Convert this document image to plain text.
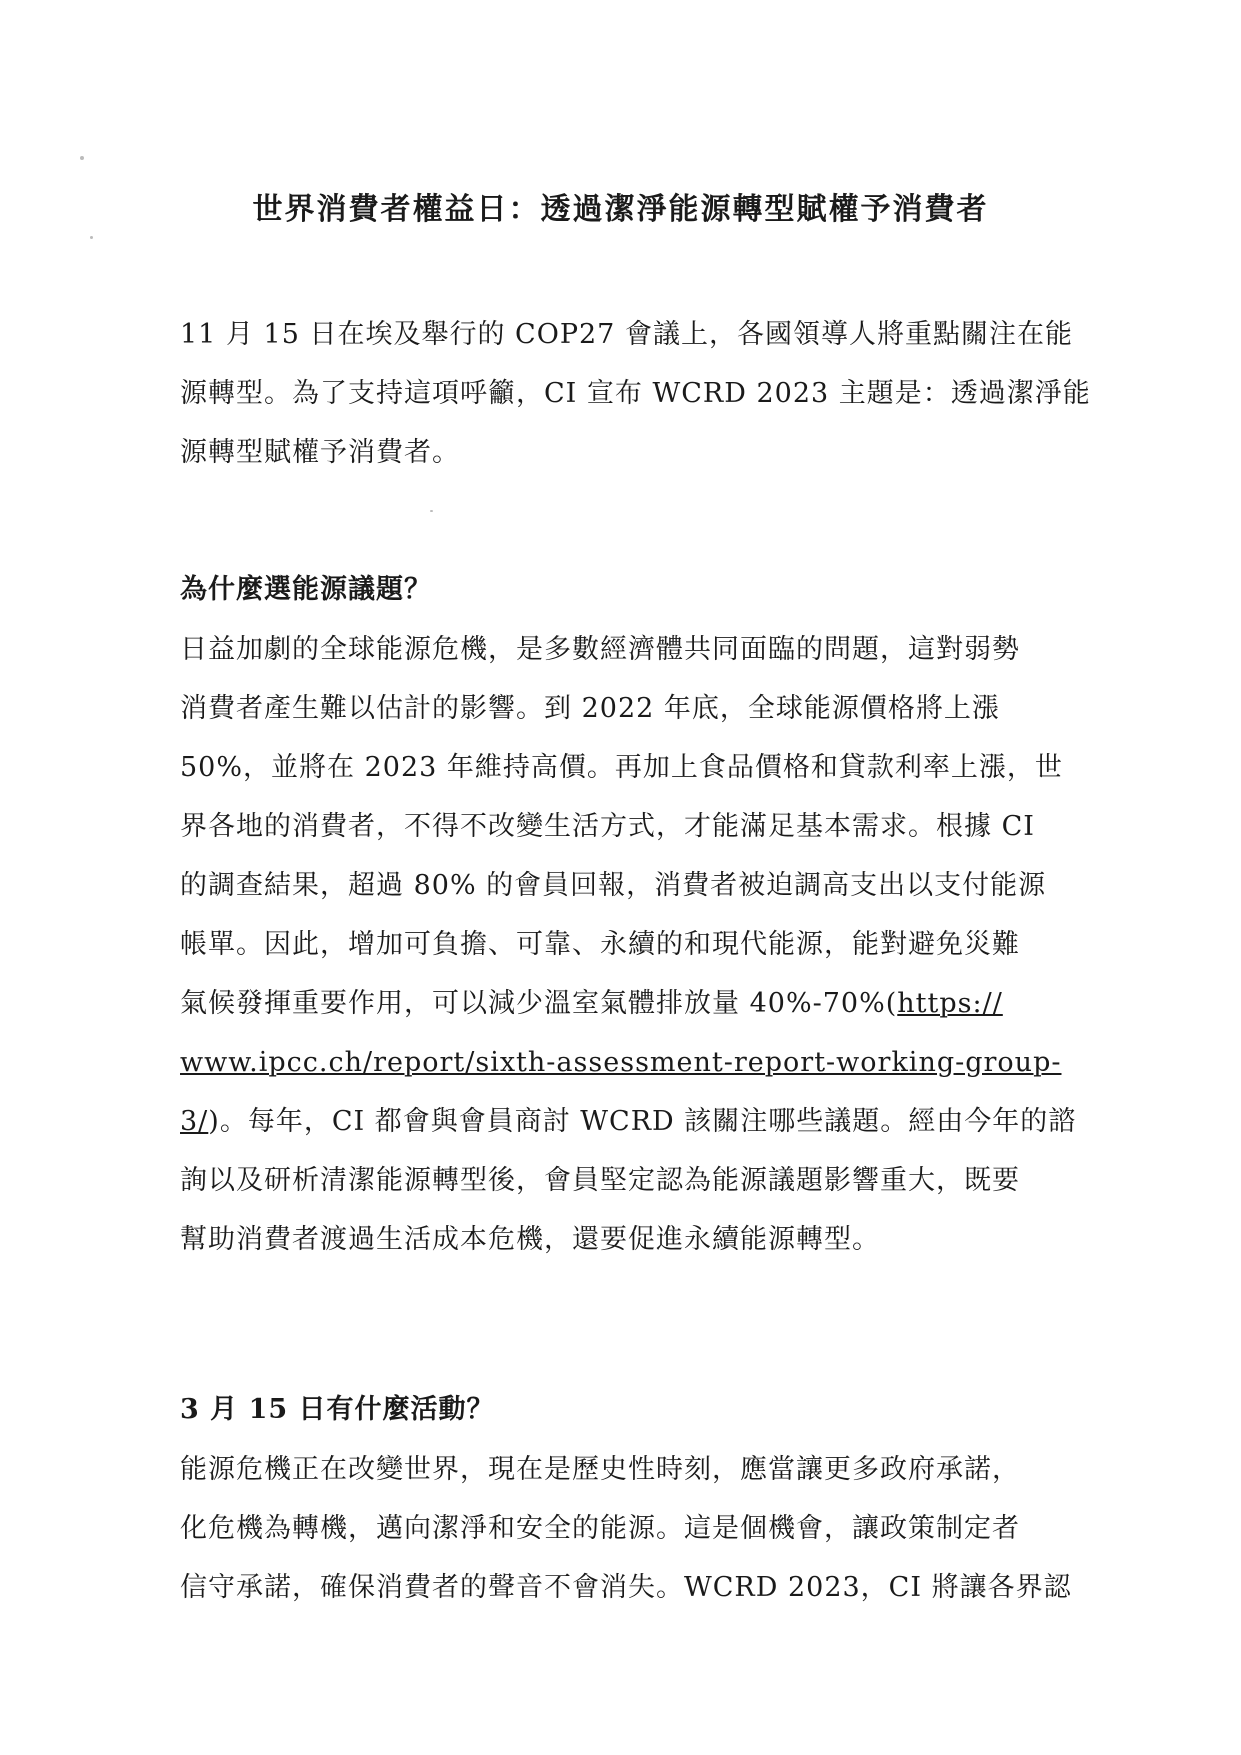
世界消費者權益日：透過潔淨能源轉型賦權予消費者

11 月 15 日在埃及舉行的 COP27 會議上，各國領導人將重點關注在能

源轉型。為了支持這項呼籲，CI 宣布 WCRD 2023 主題是：透過潔淨能

源轉型賦權予消費者。

為什麼選能源議題？

日益加劇的全球能源危機，是多數經濟體共同面臨的問題，這對弱勢

消費者產生難以估計的影響。到 2022 年底，全球能源價格將上漲

50%，並將在 2023 年維持高價。再加上食品價格和貸款利率上漲，世

界各地的消費者，不得不改變生活方式，才能滿足基本需求。根據 CI

的調查結果，超過 80% 的會員回報，消費者被迫調高支出以支付能源

帳單。因此，增加可負擔、可靠、永續的和現代能源，能對避免災難

氣候發揮重要作用，可以減少溫室氣體排放量 40%-70%(https://

www.ipcc.ch/report/sixth-assessment-report-working-group-

3/)。每年，CI 都會與會員商討 WCRD 該關注哪些議題。經由今年的諮

詢以及研析清潔能源轉型後，會員堅定認為能源議題影響重大，既要

幫助消費者渡過生活成本危機，還要促進永續能源轉型。

3 月 15 日有什麼活動？

能源危機正在改變世界，現在是歷史性時刻，應當讓更多政府承諾，

化危機為轉機，邁向潔淨和安全的能源。這是個機會，讓政策制定者

信守承諾，確保消費者的聲音不會消失。WCRD 2023，CI 將讓各界認
